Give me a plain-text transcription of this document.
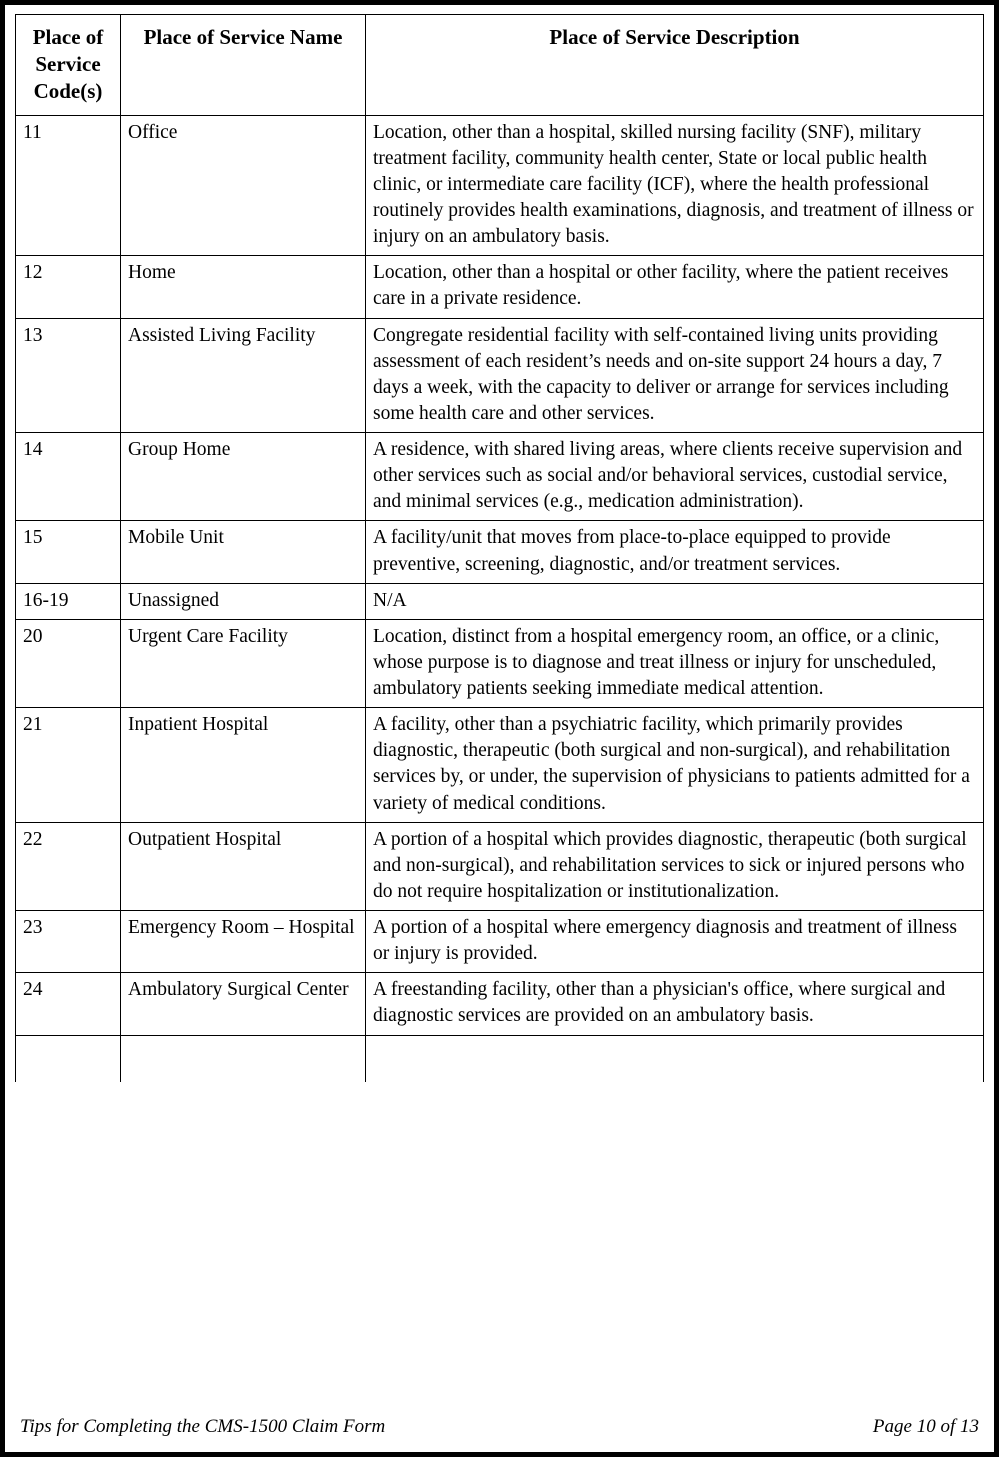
Place of Service Code(s)	Place of Service Name	Place of Service Description
11	Office	Location, other than a hospital, skilled nursing facility (SNF), military treatment facility, community health center, State or local public health clinic, or intermediate care facility (ICF), where the health professional routinely provides health examinations, diagnosis, and treatment of illness or injury on an ambulatory basis.
12	Home	Location, other than a hospital or other facility, where the patient receives care in a private residence.
13	Assisted Living Facility	Congregate residential facility with self-contained living units providing assessment of each resident’s needs and on-site support 24 hours a day, 7 days a week, with the capacity to deliver or arrange for services including some health care and other services.
14	Group Home	A residence, with shared living areas, where clients receive supervision and other services such as social and/or behavioral services, custodial service, and minimal services (e.g., medication administration).
15	Mobile Unit	A facility/unit that moves from place-to-place equipped to provide preventive, screening, diagnostic, and/or treatment services.
16-19	Unassigned	N/A
20	Urgent Care Facility	Location, distinct from a hospital emergency room, an office, or a clinic, whose purpose is to diagnose and treat illness or injury for unscheduled, ambulatory patients seeking immediate medical attention.
21	Inpatient Hospital	A facility, other than a psychiatric facility, which primarily provides diagnostic, therapeutic (both surgical and non-surgical), and rehabilitation services by, or under, the supervision of physicians to patients admitted for a variety of medical conditions.
22	Outpatient Hospital	A portion of a hospital which provides diagnostic, therapeutic (both surgical and non-surgical), and rehabilitation services to sick or injured persons who do not require hospitalization or institutionalization.
23	Emergency Room – Hospital	A portion of a hospital where emergency diagnosis and treatment of illness or injury is provided.
24	Ambulatory Surgical Center	A freestanding facility, other than a physician's office, where surgical and diagnostic services are provided on an ambulatory basis.

Tips for Completing the CMS-1500 Claim Form	Page 10 of 13
